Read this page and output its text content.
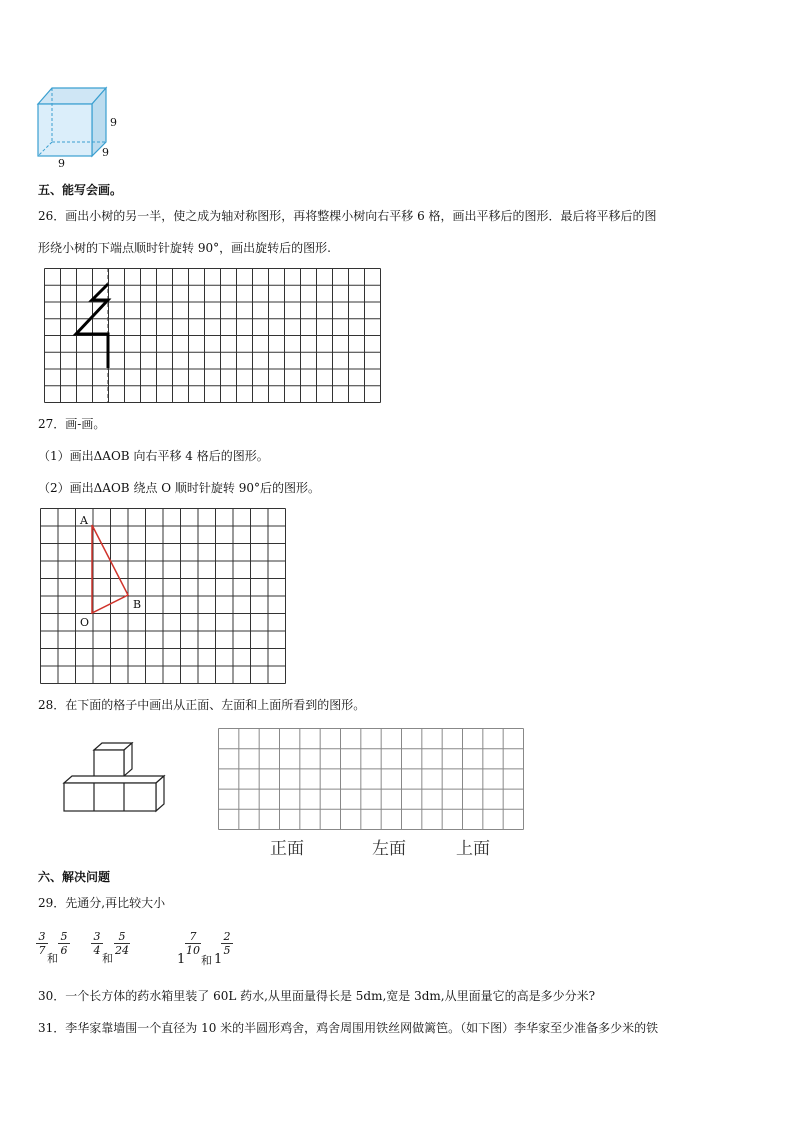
9
9
9
五、能写会画。
26．画出小树的另一半，使之成为轴对称图形，再将整棵小树向右平移 6 格，画出平移后的图形．最后将平移后的图
形绕小树的下端点顺时针旋转 90°，画出旋转后的图形.
27．画-画。
（1）画出ΔAOB 向右平移 4 格后的图形。
（2）画出ΔAOB 绕点 O 顺时针旋转 90°后的图形。
A
B
O
28．在下面的格子中画出从正面、左面和上面所看到的图形。
正面	左面	上面
六、解决问题
29．先通分,再比较大小
$\frac{3}{7}$
和
$\frac{5}{6} \frac{3}{4}$
和
$\frac{5}{24}$
1
$\frac{7}{10}$
和 1
$\frac{2}{5}$
30．一个长方体的药水箱里装了 60L 药水,从里面量得长是 5dm,宽是 3dm,从里面量它的高是多少分米?
31．李华家靠墙围一个直径为 10 米的半圆形鸡舍，鸡舍周围用铁丝网做篱笆。（如下图）李华家至少准备多少米的铁
